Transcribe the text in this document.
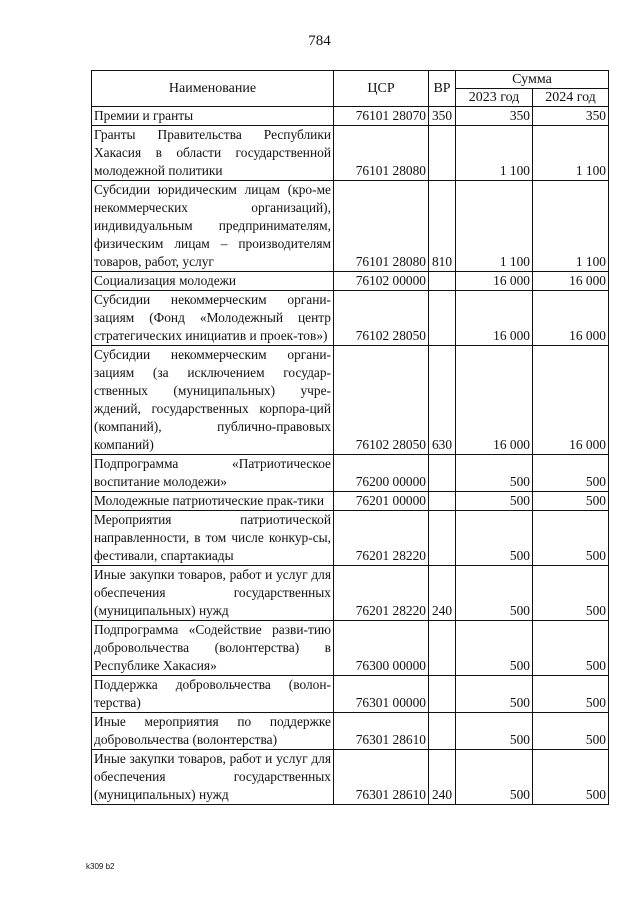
784
Наименование	ЦСР	ВР	Сумма	
			2023 год	2024 год
Премии и гранты	76101 28070	350	350	350
Гранты Правительства Республики Хакасия в области государственной молодежной политики	76101 28080		1 100	1 100
Субсидии юридическим лицам (кро-ме некоммерческих организаций), индивидуальным предпринимателям, физическим лицам – производителям товаров, работ, услуг	76101 28080	810	1 100	1 100
Социализация молодежи	76102 00000		16 000	16 000
Субсидии некоммерческим органи-зациям (Фонд «Молодежный центр стратегических инициатив и проек-тов»)	76102 28050		16 000	16 000
Субсидии некоммерческим органи-зациям (за исключением государ-ственных (муниципальных) учре-ждений, государственных корпора-ций (компаний), публично-правовых компаний)	76102 28050	630	16 000	16 000
Подпрограмма «Патриотическое воспитание молодежи»	76200 00000		500	500
Молодежные патриотические прак-тики	76201 00000		500	500
Мероприятия патриотической направленности, в том числе конкур-сы, фестивали, спартакиады	76201 28220		500	500
Иные закупки товаров, работ и услуг для обеспечения государственных (муниципальных) нужд	76201 28220	240	500	500
Подпрограмма «Содействие разви-тию добровольчества (волонтерства) в Республике Хакасия»	76300 00000		500	500
Поддержка добровольчества (волон-терства)	76301 00000		500	500
Иные мероприятия по поддержке добровольчества (волонтерства)	76301 28610		500	500
Иные закупки товаров, работ и услуг для обеспечения государственных (муниципальных) нужд	76301 28610	240	500	500
k309 b2
